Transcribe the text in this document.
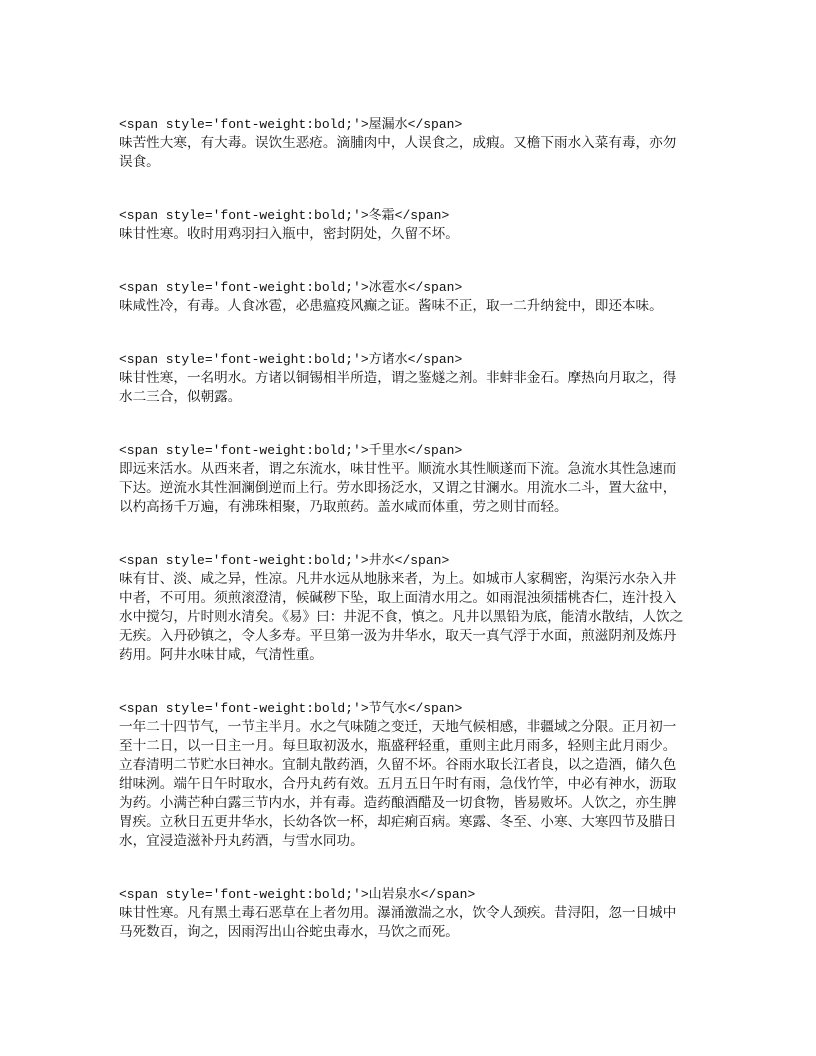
<span style='font-weight:bold;'>屋漏水</span>
味苦性大寒，有大毒。误饮生恶疮。滴脯肉中，人误食之，成瘕。又檐下雨水入菜有毒，亦勿
误食。
<span style='font-weight:bold;'>冬霜</span>
味甘性寒。收时用鸡羽扫入瓶中，密封阴处，久留不坏。
<span style='font-weight:bold;'>冰雹水</span>
味咸性冷，有毒。人食冰雹，必患瘟疫风癫之证。酱味不正，取一二升纳瓮中，即还本味。
<span style='font-weight:bold;'>方诸水</span>
味甘性寒，一名明水。方诸以铜锡相半所造，谓之鉴燧之剂。非蚌非金石。摩热向月取之，得
水二三合，似朝露。
<span style='font-weight:bold;'>千里水</span>
即远来活水。从西来者，谓之东流水，味甘性平。顺流水其性顺遂而下流。急流水其性急速而
下达。逆流水其性洄澜倒逆而上行。劳水即扬泛水，又谓之甘澜水。用流水二斗，置大盆中，
以杓高扬千万遍，有沸珠相聚，乃取煎药。盖水咸而体重，劳之则甘而轻。
<span style='font-weight:bold;'>井水</span>
味有甘、淡、咸之异，性凉。凡井水远从地脉来者，为上。如城市人家稠密，沟渠污水杂入井
中者，不可用。须煎滚澄清，候碱秽下坠，取上面清水用之。如雨混浊须擂桃杏仁，连汁投入
水中搅匀，片时则水清矣。《易》曰：井泥不食，慎之。凡井以黑铅为底，能清水散结，人饮之
无疾。入丹砂镇之，令人多寿。平旦第一汲为井华水，取天一真气浮于水面，煎滋阴剂及炼丹
药用。阿井水味甘咸，气清性重。
<span style='font-weight:bold;'>节气水</span>
一年二十四节气，一节主半月。水之气味随之变迁，天地气候相感，非疆域之分限。正月初一
至十二日，以一日主一月。每旦取初汲水，瓶盛秤轻重，重则主此月雨多，轻则主此月雨少。
立春清明二节贮水曰神水。宜制丸散药酒，久留不坏。谷雨水取长江者良，以之造酒，储久色
绀味洌。端午日午时取水，合丹丸药有效。五月五日午时有雨，急伐竹竿，中必有神水，沥取
为药。小满芒种白露三节内水，并有毒。造药酿酒醋及一切食物，皆易败坏。人饮之，亦生脾
胃疾。立秋日五更井华水，长幼各饮一杯，却疟痢百病。寒露、冬至、小寒、大寒四节及腊日
水，宜浸造滋补丹丸药酒，与雪水同功。
<span style='font-weight:bold;'>山岩泉水</span>
味甘性寒。凡有黑土毒石恶草在上者勿用。瀑涌激湍之水，饮令人颈疾。昔浔阳，忽一日城中
马死数百，询之，因雨泻出山谷蛇虫毒水，马饮之而死。
